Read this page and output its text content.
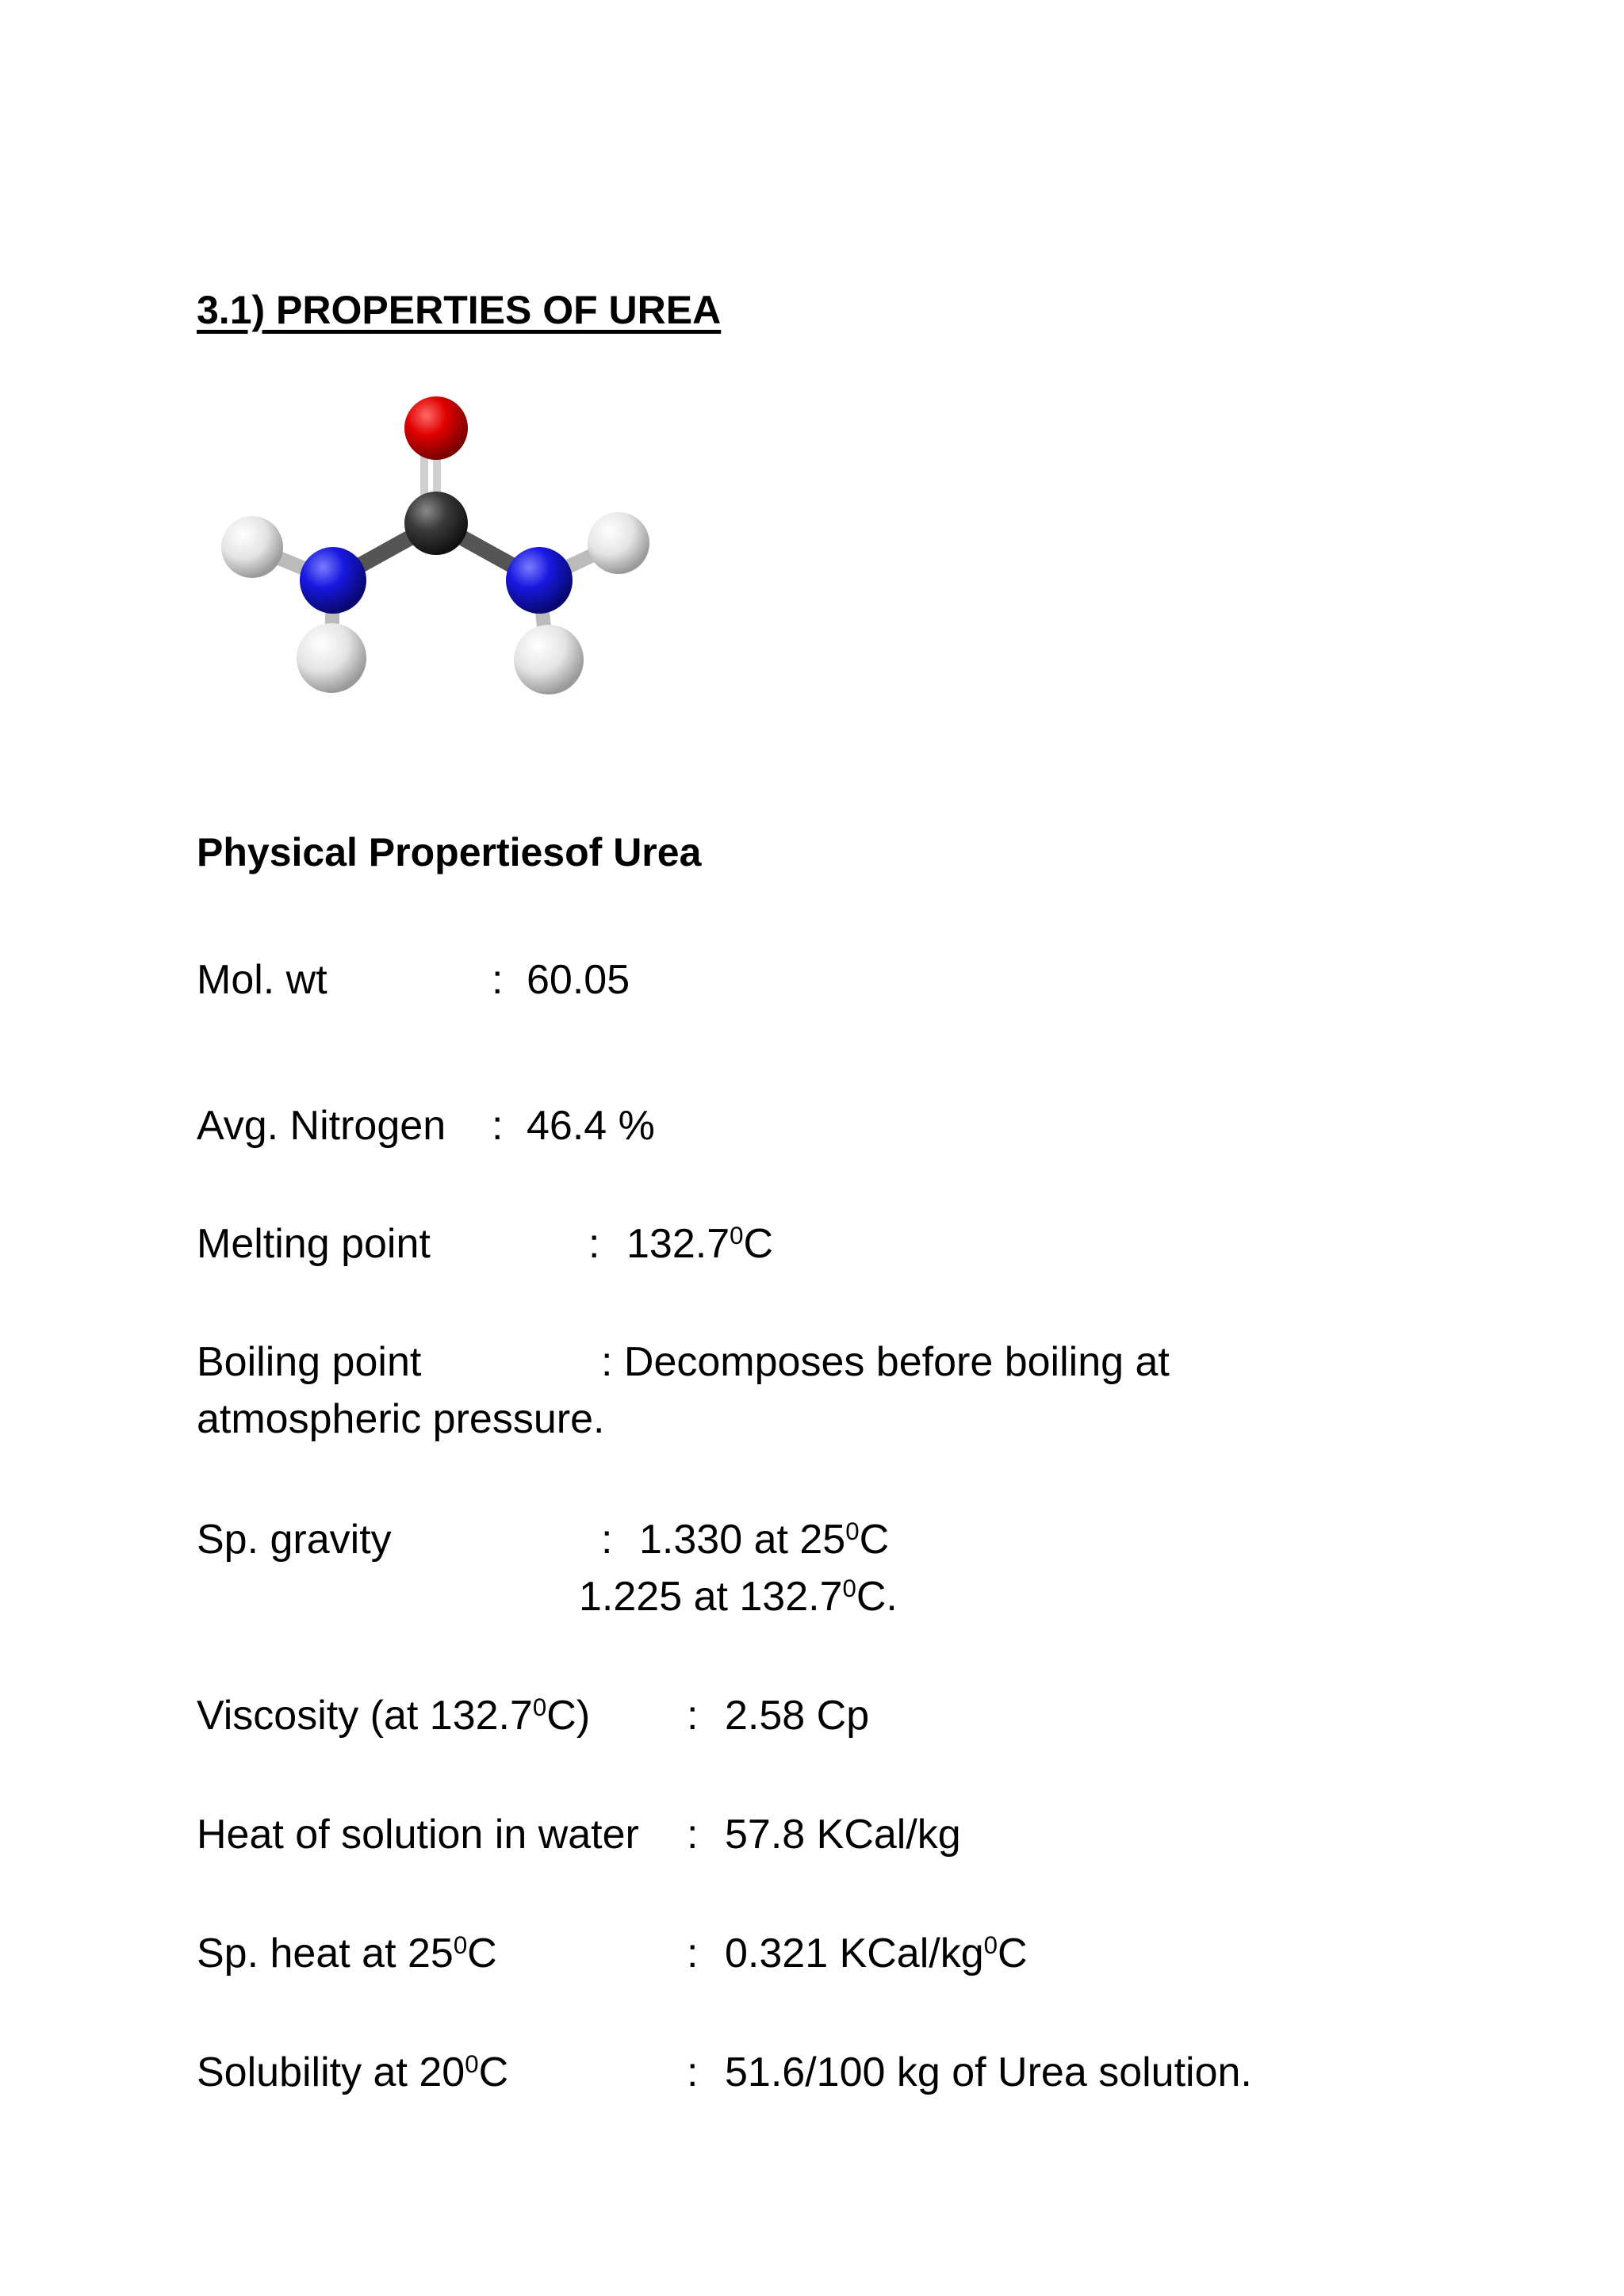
3.1) PROPERTIES OF UREA
Physical Propertiesof Urea
Mol. wt	: 60.05
Avg. Nitrogen : 46.4 %
Melting point	: 132.7$^0$C
Boiling point	: Decomposes before boiling at
atmospheric pressure.
Sp. gravity	: 1.330 at $25^0C$
1.225 at 132.7$^0$C.
Viscosity (at 132.7$^0$C) : 2.58 Cp
Heat of solution in water : 57.8 KCal/kg
Sp. heat at $25^0C$	: 0.321 KCal/$kg^0C$
Solubility at $20^0C$	: 51.6/100 kg of Urea solution.
